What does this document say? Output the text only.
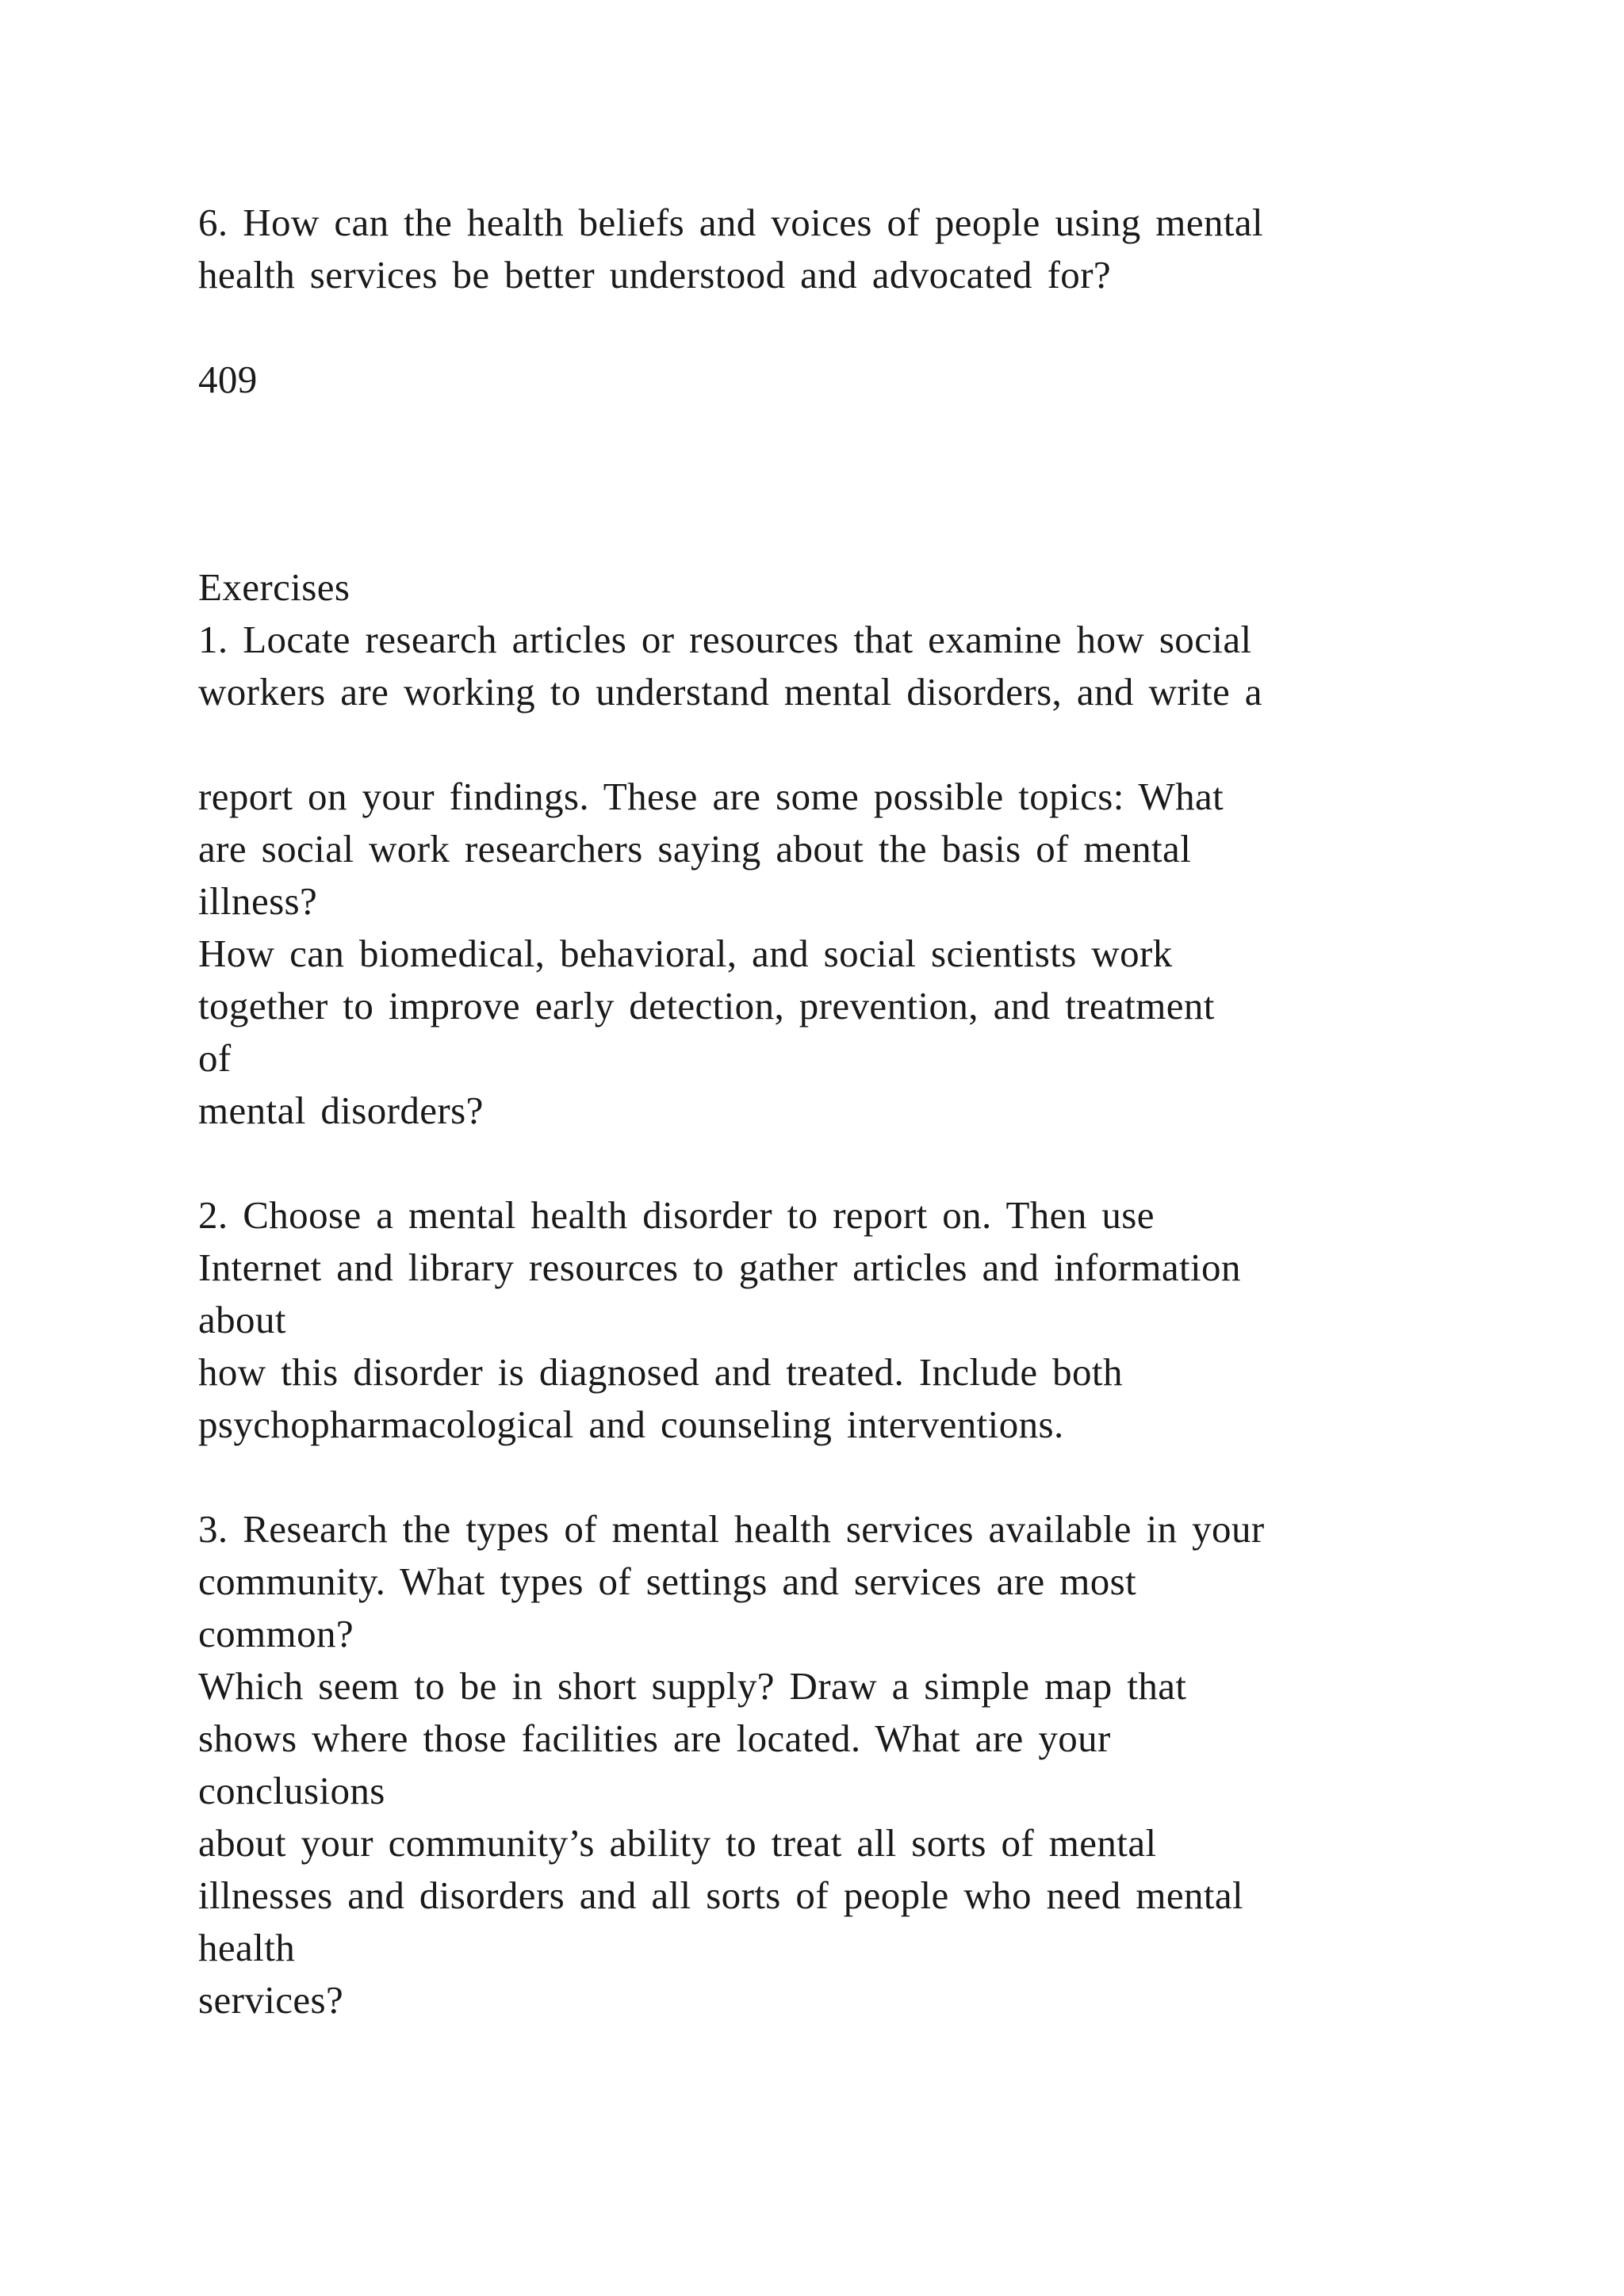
6. How can the health beliefs and voices of people using mental

health services be better understood and advocated for?

409

Exercises

1. Locate research articles or resources that examine how social

workers are working to understand mental disorders, and write a

report on your findings. These are some possible topics: What

are social work researchers saying about the basis of mental

illness?

How can biomedical, behavioral, and social scientists work

together to improve early detection, prevention, and treatment

of

mental disorders?

2. Choose a mental health disorder to report on. Then use

Internet and library resources to gather articles and information

about

how this disorder is diagnosed and treated. Include both

psychopharmacological and counseling interventions.

3. Research the types of mental health services available in your

community. What types of settings and services are most

common?

Which seem to be in short supply? Draw a simple map that

shows where those facilities are located. What are your

conclusions

about your community’s ability to treat all sorts of mental

illnesses and disorders and all sorts of people who need mental

health

services?
